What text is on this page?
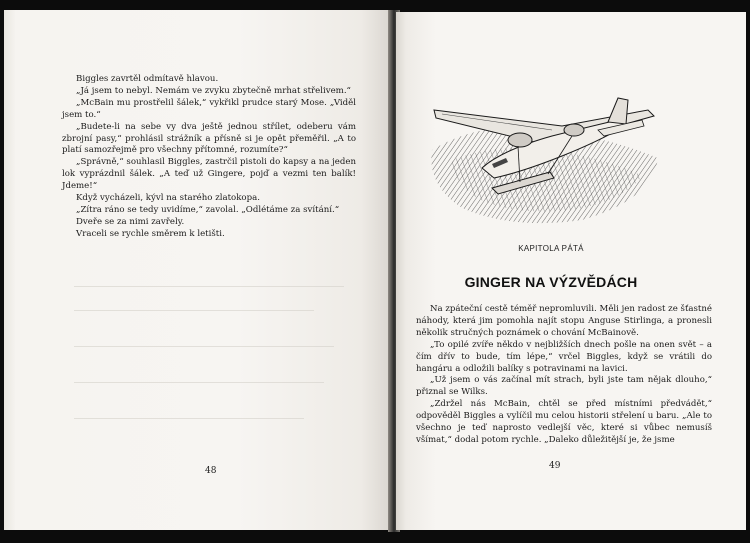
Biggles zavrtěl odmítavě hlavou.

„Já jsem to nebyl. Nemám ve zvyku zbytečně mrhat střelivem.“

„McBain mu prostřelil šálek,“ vykřikl prudce starý Mose. „Viděl jsem to.“

„Budete-li na sebe vy dva ještě jednou střílet, odeberu vám zbrojní pasy,“ prohlásil strážník a přísně si je opět přeměřil. „A to platí samozřejmě pro všechny přítomné, rozumíte?“

„Správně,“ souhlasil Biggles, zastrčil pistoli do kapsy a na jeden lok vyprázdnil šálek. „A teď už Gingere, pojď a vezmi ten balík! Jdeme!“

Když vycházeli, kývl na starého zlatokopa.

„Zítra ráno se tedy uvidíme,“ zavolal. „Odlétáme za svítání.“

Dveře se za nimi zavřely.

Vraceli se rychle směrem k letišti.

48
KAPITOLA PÁTÁ
GINGER NA VÝZVĚDÁCH

Na zpáteční cestě téměř nepromluvili. Měli jen radost ze šťastné náhody, která jim pomohla najít stopu Anguse Stirlinga, a pronesli několik stručných poznámek o chování McBainově.

„To opilé zvíře někdo v nejbližších dnech pošle na onen svět – a čím dřív to bude, tím lépe,“ vrčel Biggles, když se vrátili do hangáru a odložili balíky s potravinami na lavici.

„Už jsem o vás začínal mít strach, byli jste tam nějak dlouho,“ přiznal se Wilks.

„Zdržel nás McBain, chtěl se před místními předvádět,“ odpověděl Biggles a vylíčil mu celou historii střelení u baru. „Ale to všechno je teď naprosto vedlejší věc, které si vůbec nemusíš všímat,“ dodal potom rychle. „Daleko důležitější je, že jsme

49
